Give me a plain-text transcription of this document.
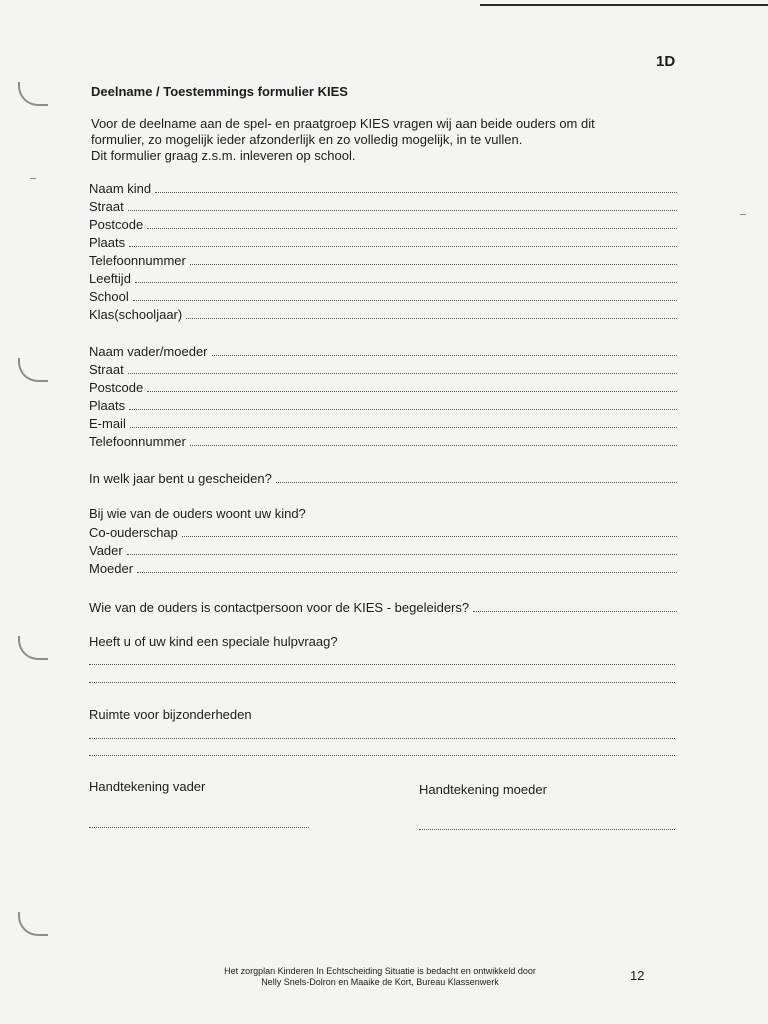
1D
Deelname / Toestemmings formulier KIES
Voor de deelname aan de spel- en praatgroep KIES vragen wij aan beide ouders om dit
formulier, zo mogelijk ieder afzonderlijk en zo volledig mogelijk, in te vullen.
Dit formulier graag z.s.m. inleveren op school.
Naam kind
Straat
Postcode
Plaats
Telefoonnummer
Leeftijd
School
Klas(schooljaar)
Naam vader/moeder
Straat
Postcode
Plaats
E-mail
Telefoonnummer
In welk jaar bent u gescheiden?
Bij wie van de ouders woont uw kind?
Co-ouderschap
Vader
Moeder
Wie van de ouders is contactpersoon voor de KIES - begeleiders?
Heeft u of uw kind een speciale hulpvraag?
Ruimte voor bijzonderheden
Handtekening vader	Handtekening moeder
Het zorgplan Kinderen In Echtscheiding Situatie is bedacht en ontwikkeld door
Nelly Snels-Dolron en Maaike de Kort, Bureau Klassenwerk	12
